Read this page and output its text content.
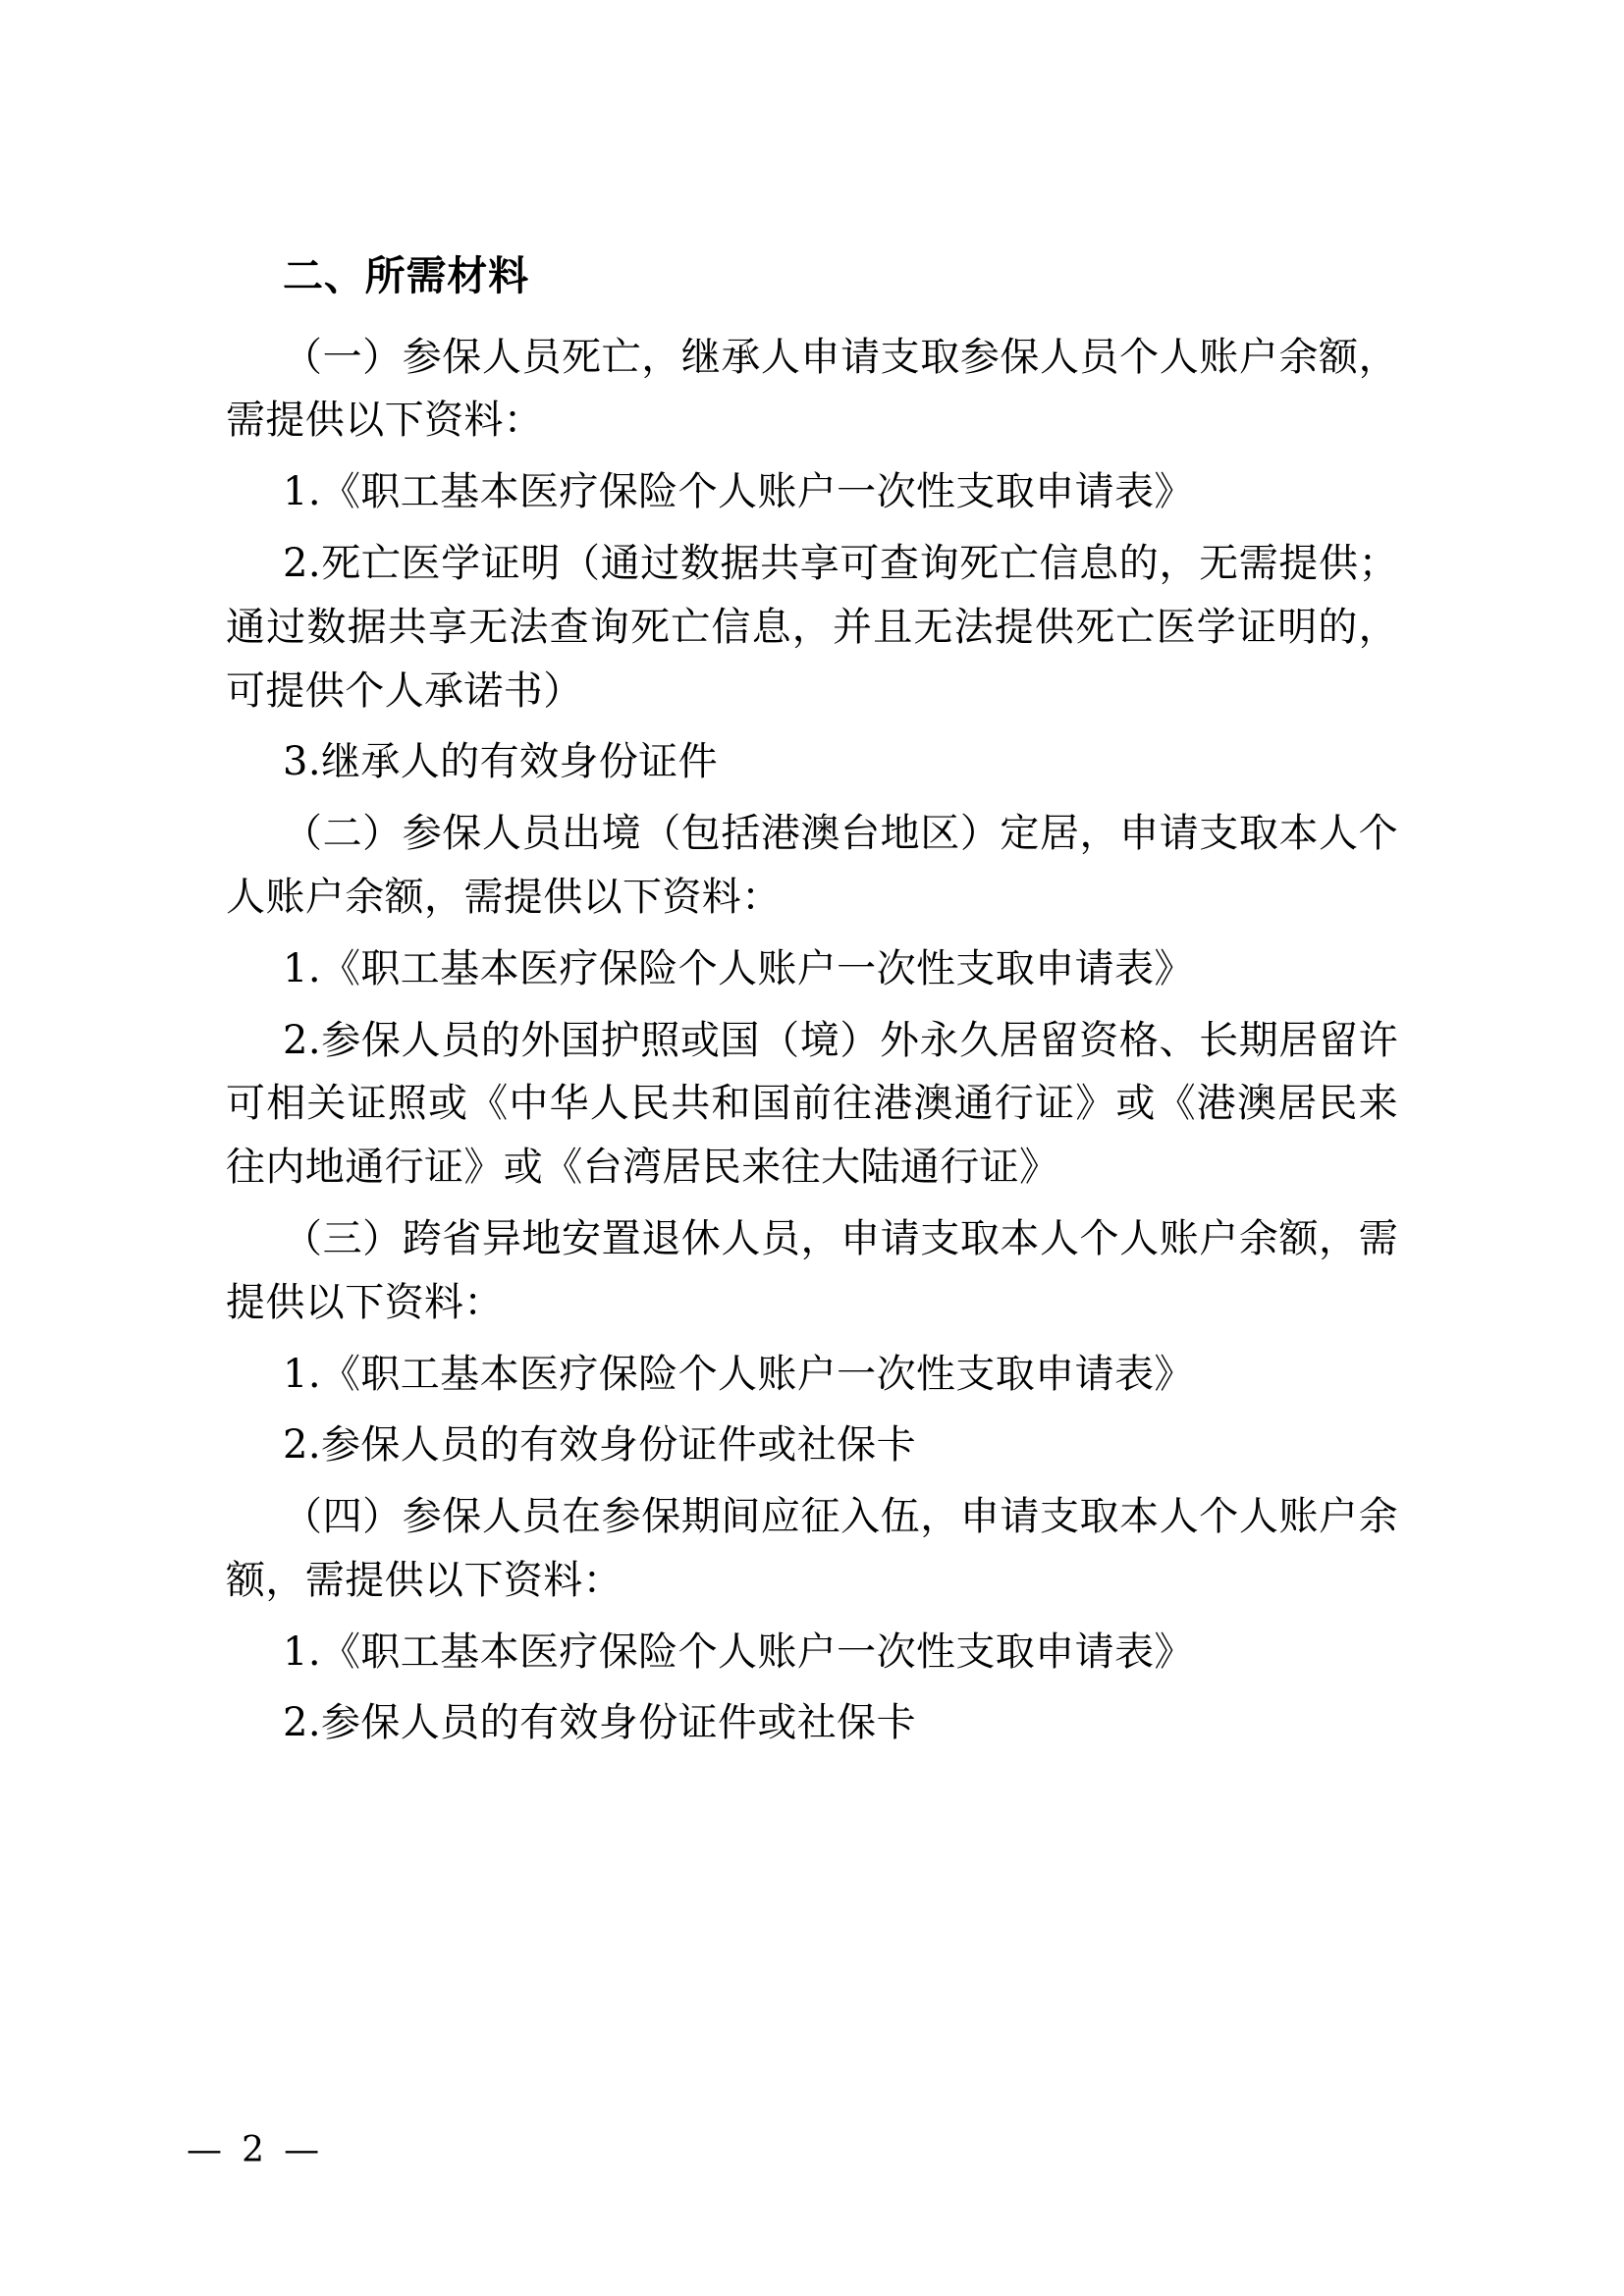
二、所需材料

（一）参保人员死亡，继承人申请支取参保人员个人账户余额，需提供以下资料：

1.《职工基本医疗保险个人账户一次性支取申请表》

2.死亡医学证明（通过数据共享可查询死亡信息的，无需提供；通过数据共享无法查询死亡信息，并且无法提供死亡医学证明的，可提供个人承诺书）

3.继承人的有效身份证件

（二）参保人员出境（包括港澳台地区）定居，申请支取本人个人账户余额，需提供以下资料：

1.《职工基本医疗保险个人账户一次性支取申请表》

2.参保人员的外国护照或国（境）外永久居留资格、长期居留许可相关证照或《中华人民共和国前往港澳通行证》或《港澳居民来往内地通行证》或《台湾居民来往大陆通行证》

（三）跨省异地安置退休人员，申请支取本人个人账户余额，需提供以下资料：

1.《职工基本医疗保险个人账户一次性支取申请表》

2.参保人员的有效身份证件或社保卡

（四）参保人员在参保期间应征入伍，申请支取本人个人账户余额，需提供以下资料：

1.《职工基本医疗保险个人账户一次性支取申请表》

2.参保人员的有效身份证件或社保卡

— 2 —
